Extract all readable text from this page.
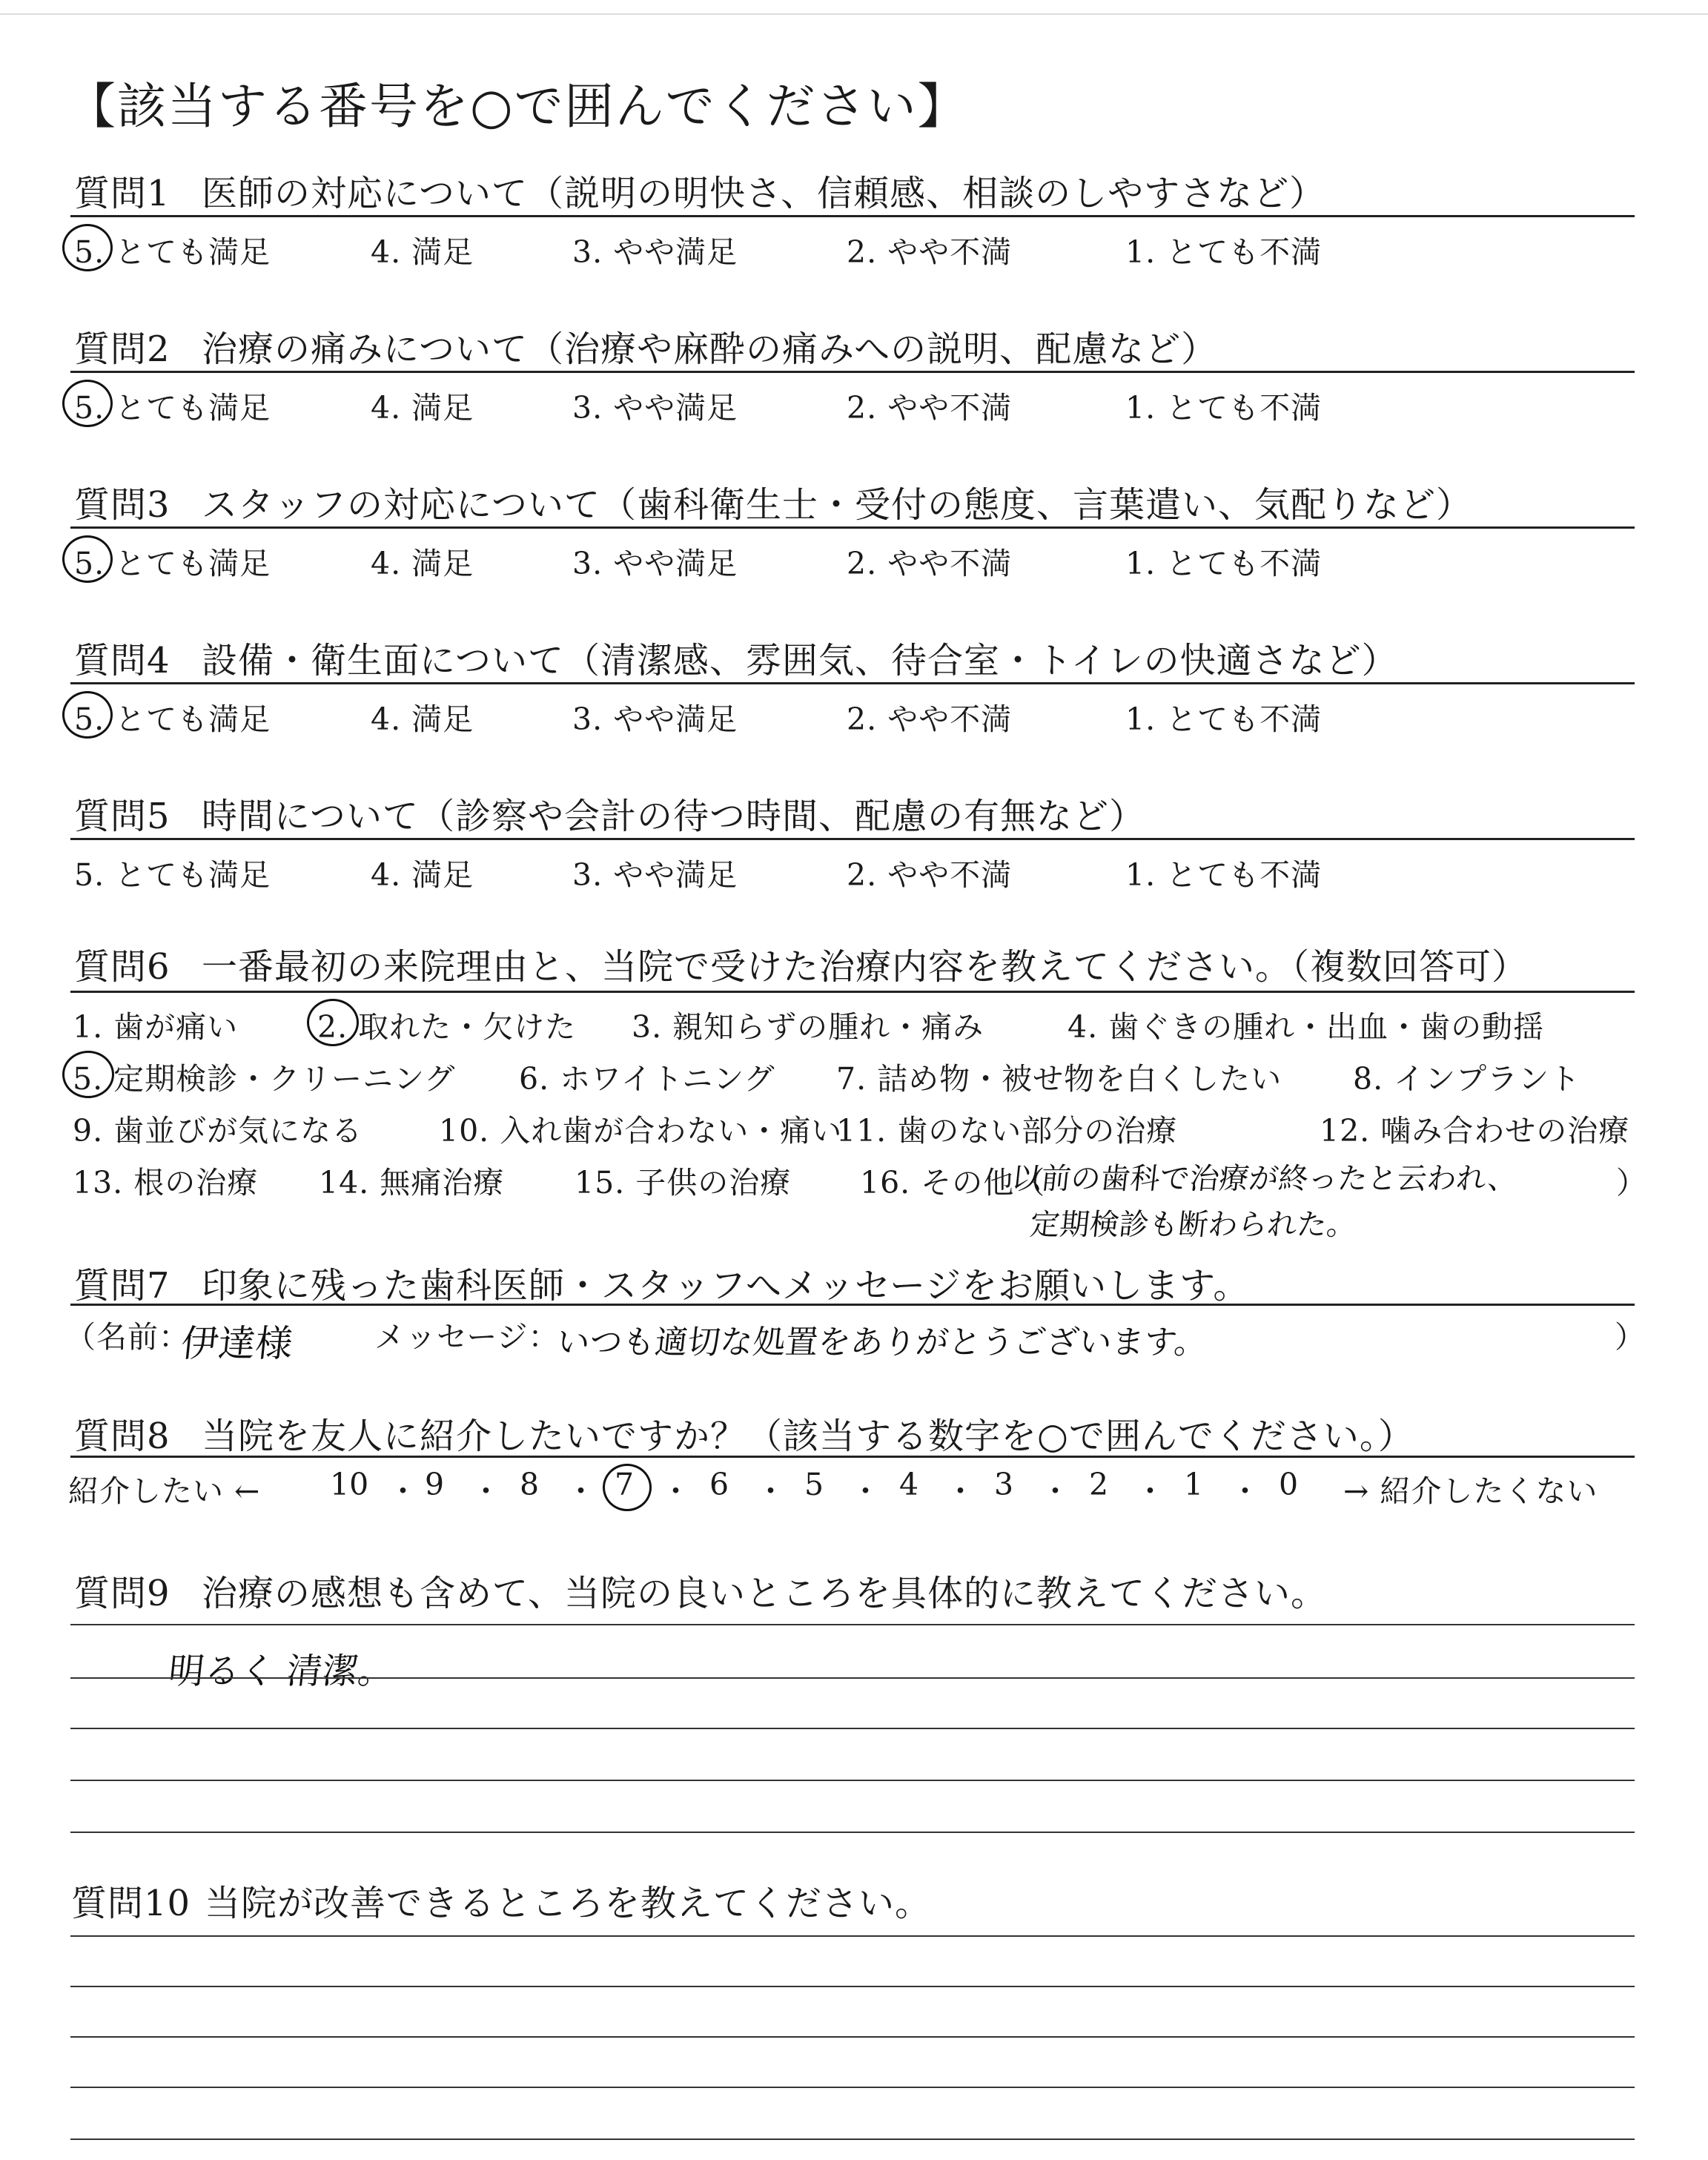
【該当する番号を○で囲んでください】
質問1 医師の対応について（説明の明快さ、信頼感、相談のしやすさなど）
5. とても満足	4. 満足	3. やや満足	2. やや不満	1. とても不満
質問2 治療の痛みについて（治療や麻酔の痛みへの説明、配慮など）
5. とても満足	4. 満足	3. やや満足	2. やや不満	1. とても不満
質問3 スタッフの対応について（歯科衛生士・受付の態度、言葉遣い、気配りなど）
5. とても満足	4. 満足	3. やや満足	2. やや不満	1. とても不満
質問4 設備・衛生面について（清潔感、雰囲気、待合室・トイレの快適さなど）
5. とても満足	4. 満足	3. やや満足	2. やや不満	1. とても不満
質問5 時間について（診察や会計の待つ時間、配慮の有無など）
5. とても満足	4. 満足	3. やや満足	2. やや不満	1. とても不満
質問6 一番最初の来院理由と、当院で受けた治療内容を教えてください。（複数回答可）
1. 歯が痛い	2. 取れた・欠けた 3. 親知らずの腫れ・痛み	4. 歯ぐきの腫れ・出血・歯の動揺
5. 定期検診・クリーニング 6. ホワイトニング 7. 詰め物・被せ物を白くしたい 8. インプラント
9. 歯並びが気になる	10. 入れ歯が合わない・痛い
11. 歯のない部分の治療	12. 噛み合わせの治療
13. 根の治療 14. 無痛治療 15. 子供の治療 16. その他（	）
以前の歯科で治療が終ったと云われ、
定期検診も断わられた。
質問7 印象に残った歯科医師・スタッフへメッセージをお願いします。
（名前：
伊達様	メッセージ：
いつも適切な処置をありがとうございます。	）
質問8 当院を友人に紹介したいですか？（該当する数字を○で囲んでください。）
紹介したい ← 10 ・ 9 ・ 8 ・ 7 ・ 6 ・ 5 ・ 4 ・ 3 ・ 2 ・ 1 ・ 0 → 紹介したくない
質問9 治療の感想も含めて、当院の良いところを具体的に教えてください。
明るく 清潔。
質問10 当院が改善できるところを教えてください。
